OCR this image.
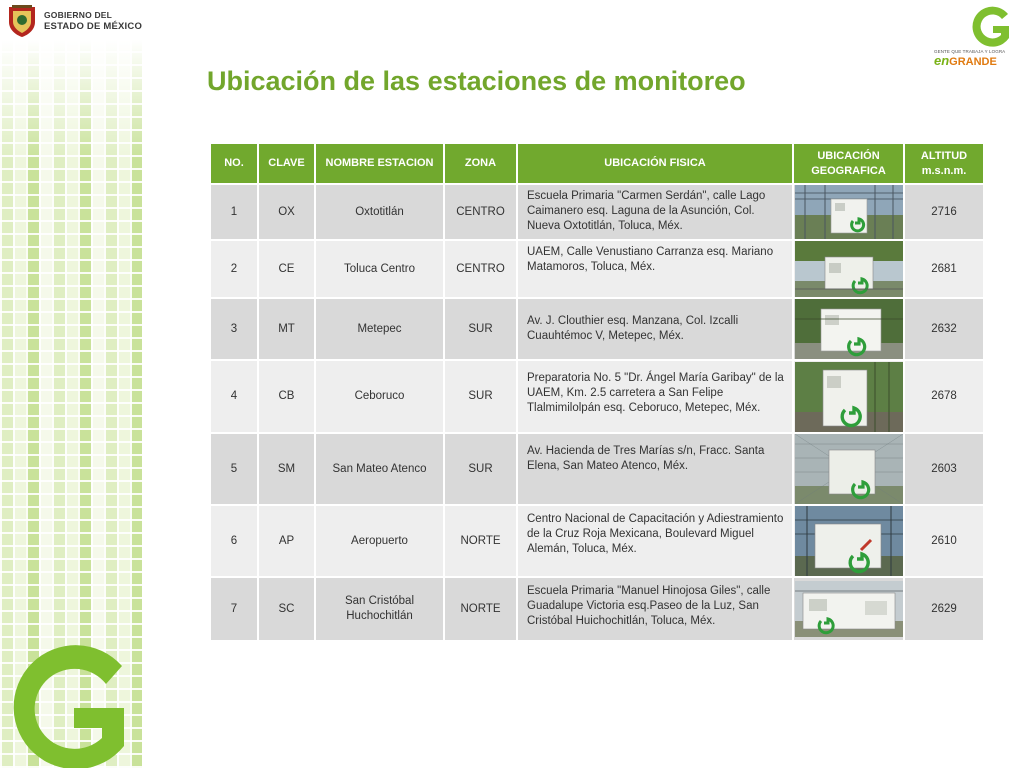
GOBIERNO DEL
ESTADO DE MÉXICO
GENTE QUE TRABAJA Y LOGRA
enGRANDE
Ubicación de las estaciones de monitoreo
NO.	CLAVE	NOMBRE ESTACION	ZONA	UBICACIÓN FISICA	UBICACIÓN GEOGRAFICA	ALTITUD
m.s.n.m.
1	OX	Oxtotitlán	CENTRO	Escuela Primaria "Carmen Serdán", calle Lago Caimanero esq. Laguna de la Asunción, Col. Nueva Oxtotitlán, Toluca, Méx.		2716
2	CE	Toluca Centro	CENTRO	UAEM, Calle Venustiano Carranza esq. Mariano Matamoros, Toluca, Méx.		2681
3	MT	Metepec	SUR	Av. J. Clouthier esq. Manzana, Col. Izcalli Cuauhtémoc V, Metepec, Méx.		2632
4	CB	Ceboruco	SUR	Preparatoria No. 5 "Dr. Ángel María Garibay" de la UAEM, Km. 2.5 carretera a San Felipe Tlalmimilolpán esq. Ceboruco, Metepec, Méx.		2678
5	SM	San Mateo Atenco	SUR	Av. Hacienda de Tres Marías s/n, Fracc. Santa Elena, San Mateo Atenco, Méx.		2603
6	AP	Aeropuerto	NORTE	Centro Nacional de Capacitación y Adiestramiento de la Cruz Roja Mexicana, Boulevard Miguel Alemán, Toluca, Méx.		2610
7	SC	San Cristóbal Huchochitlán	NORTE	Escuela Primaria "Manuel Hinojosa Giles", calle Guadalupe Victoria esq.Paseo de la Luz, San Cristóbal Huichochitlán, Toluca, Méx.		2629
